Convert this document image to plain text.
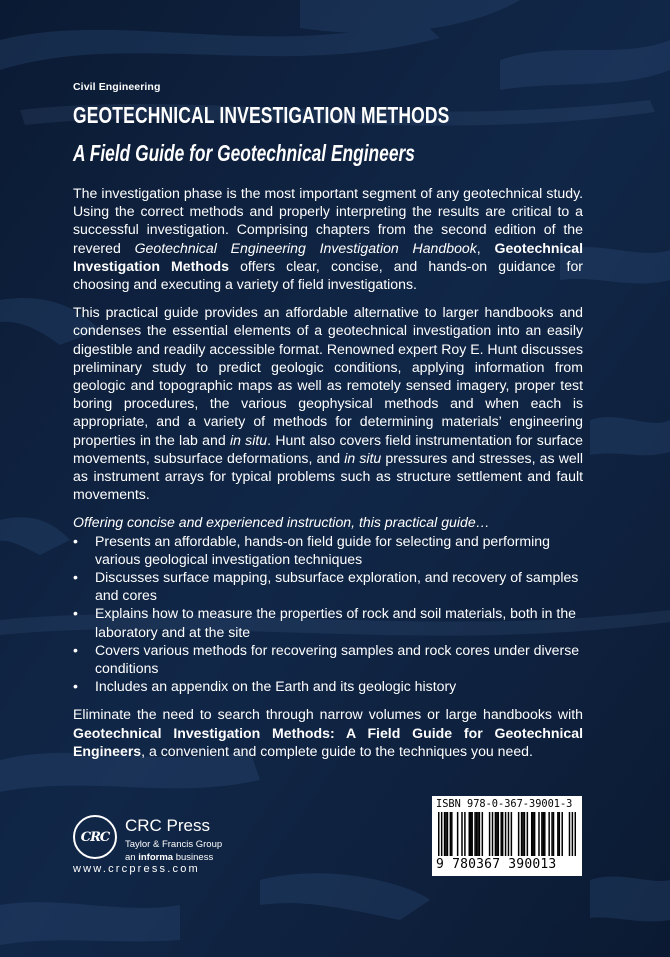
Civil Engineering
GEOTECHNICAL INVESTIGATION METHODS
A Field Guide for Geotechnical Engineers

The investigation phase is the most important segment of any geotechnical study. Using the correct methods and properly interpreting the results are critical to a successful investigation. Comprising chapters from the second edition of the revered Geotechnical Engineering Investigation Handbook, Geotechnical Investigation Methods offers clear, concise, and hands-on guidance for choosing and executing a variety of field investigations.

This practical guide provides an affordable alternative to larger handbooks and condenses the essential elements of a geotechnical investigation into an easily digestible and readily accessible format. Renowned expert Roy E. Hunt discusses preliminary study to predict geologic conditions, applying information from geologic and topographic maps as well as remotely sensed imagery, proper test boring procedures, the various geophysical methods and when each is appropriate, and a variety of methods for determining materials’ engineering properties in the lab and in situ. Hunt also covers field instrumentation for surface movements, subsurface deformations, and in situ pressures and stresses, as well as instrument arrays for typical problems such as structure settlement and fault movements.

Offering concise and experienced instruction, this practical guide…

• Presents an affordable, hands-on field guide for selecting and performing various geological investigation techniques
• Discusses surface mapping, subsurface exploration, and recovery of samples and cores
• Explains how to measure the properties of rock and soil materials, both in the laboratory and at the site
• Covers various methods for recovering samples and rock cores under diverse conditions
• Includes an appendix on the Earth and its geologic history

Eliminate the need to search through narrow volumes or large handbooks with Geotechnical Investigation Methods: A Field Guide for Geotechnical Engineers, a convenient and complete guide to the techniques you need.

CRC
CRC Press
Taylor & Francis Group
an informa business
www.crcpress.com
ISBN 978-0-367-39001-3
9 780367 390013
